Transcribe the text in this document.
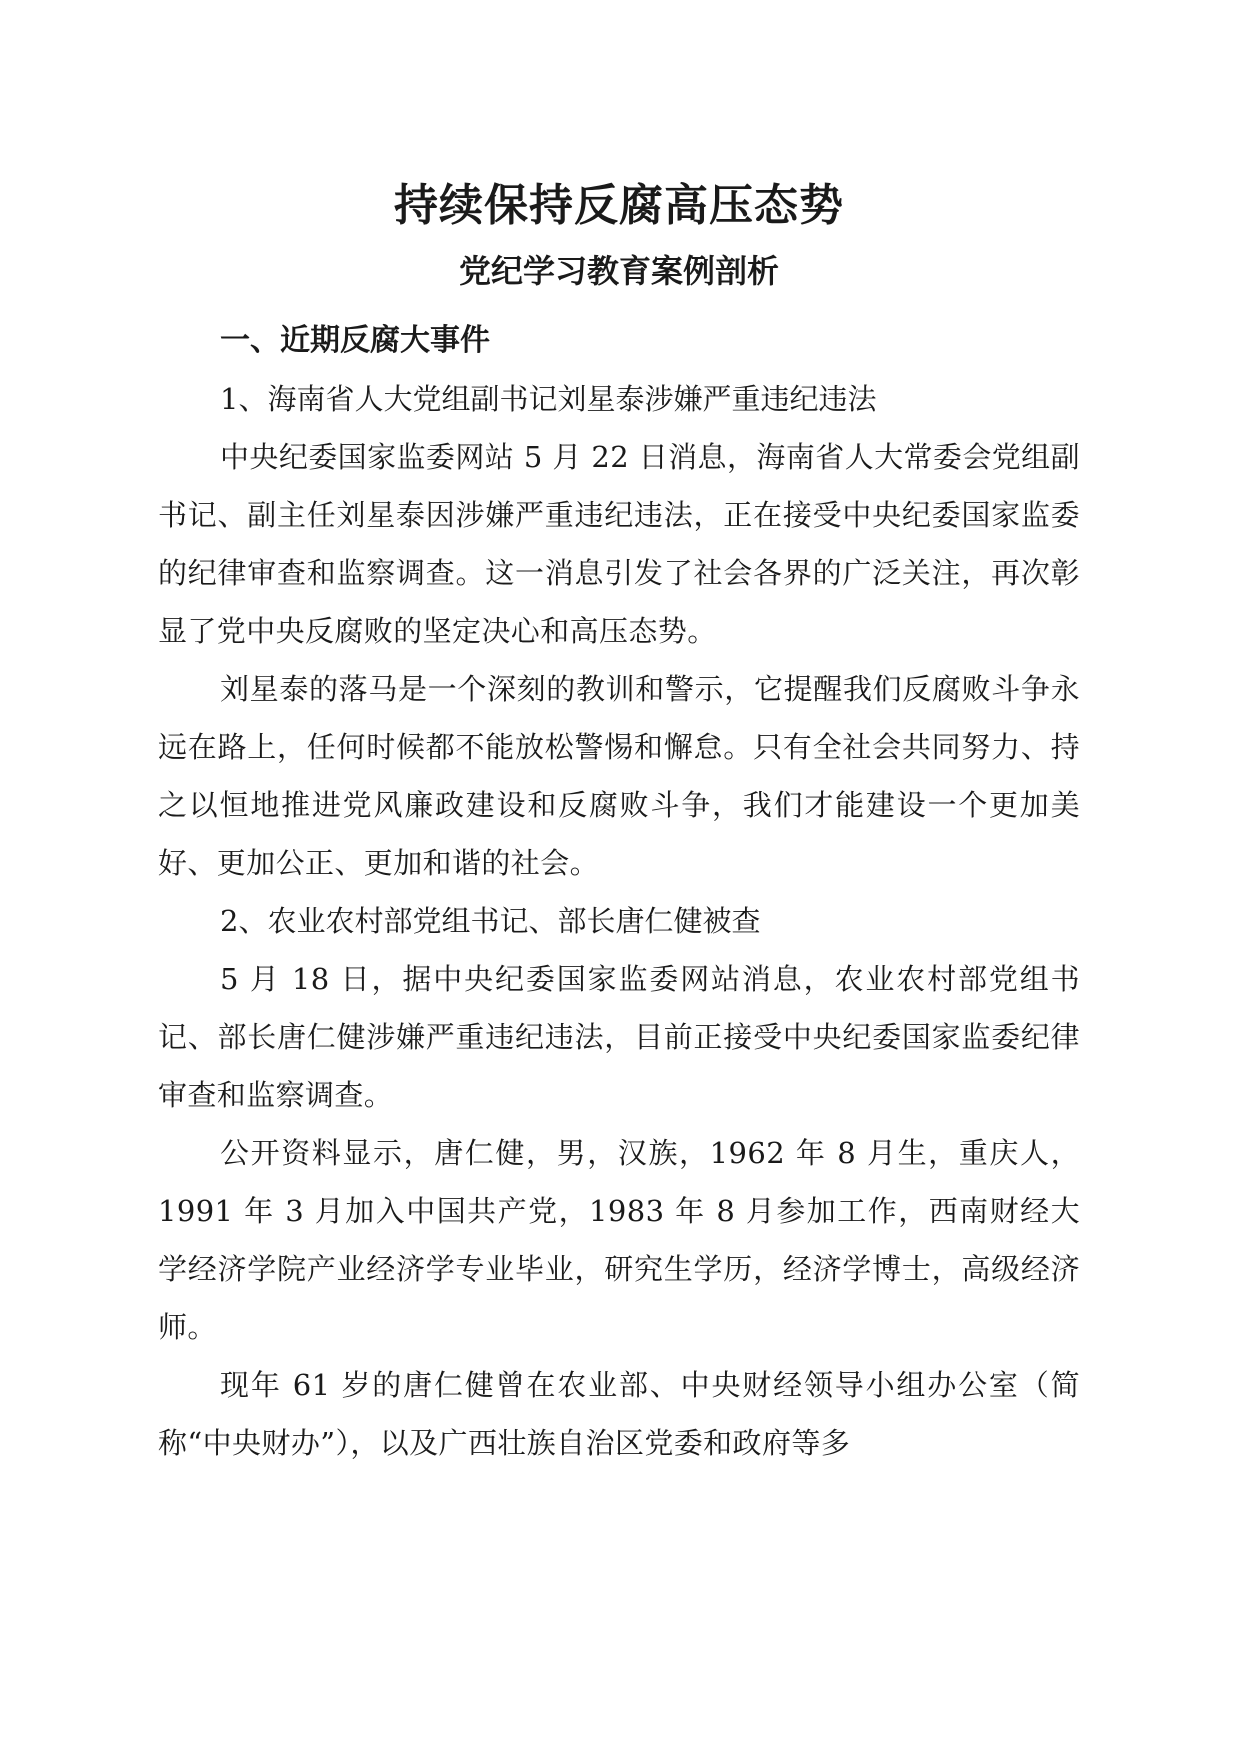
持续保持反腐高压态势
党纪学习教育案例剖析

一、近期反腐大事件

1、海南省人大党组副书记刘星泰涉嫌严重违纪违法

中央纪委国家监委网站 5 月 22 日消息，海南省人大常委会党组副书记、副主任刘星泰因涉嫌严重违纪违法，正在接受中央纪委国家监委的纪律审查和监察调查。这一消息引发了社会各界的广泛关注，再次彰显了党中央反腐败的坚定决心和高压态势。

刘星泰的落马是一个深刻的教训和警示，它提醒我们反腐败斗争永远在路上，任何时候都不能放松警惕和懈怠。只有全社会共同努力、持之以恒地推进党风廉政建设和反腐败斗争，我们才能建设一个更加美好、更加公正、更加和谐的社会。

2、农业农村部党组书记、部长唐仁健被查

5 月 18 日，据中央纪委国家监委网站消息，农业农村部党组书记、部长唐仁健涉嫌严重违纪违法，目前正接受中央纪委国家监委纪律审查和监察调查。

公开资料显示，唐仁健，男，汉族，1962 年 8 月生，重庆人，1991 年 3 月加入中国共产党，1983 年 8 月参加工作，西南财经大学经济学院产业经济学专业毕业，研究生学历，经济学博士，高级经济师。

现年 61 岁的唐仁健曾在农业部、中央财经领导小组办公室（简称“中央财办”），以及广西壮族自治区党委和政府等多
